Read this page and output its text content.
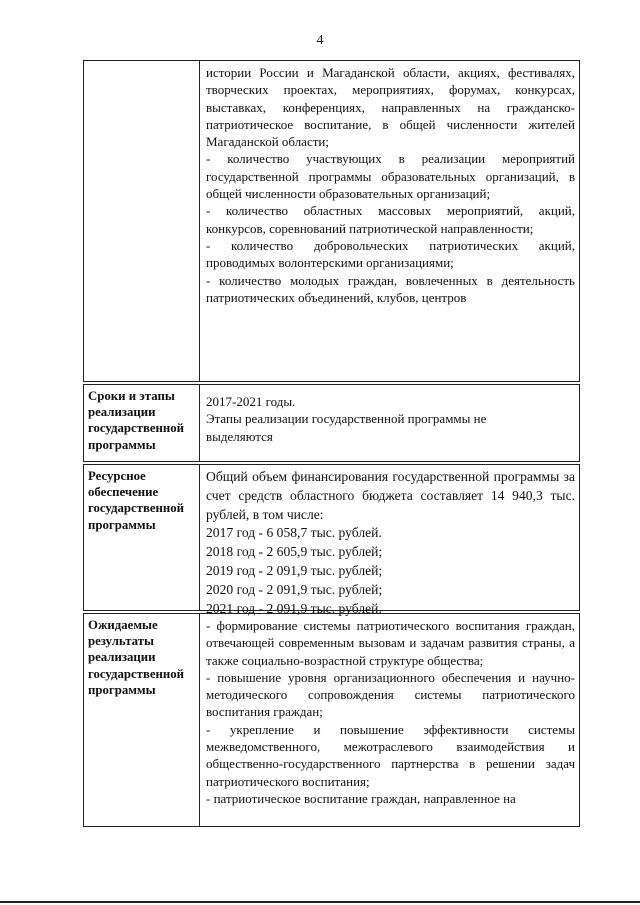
4

истории России и Магаданской области, акциях, фестивалях, творческих проектах, мероприятиях, форумах, конкурсах, выставках, конференциях, направленных на гражданско-патриотическое воспитание, в общей численности жителей Магаданской области;

- количество участвующих в реализации мероприятий государственной программы образовательных организаций, в общей численности образовательных организаций;

- количество областных массовых мероприятий, акций, конкурсов, соревнований патриотической направленности;

- количество добровольческих патриотических акций, проводимых волонтерскими организациями;

- количество молодых граждан, вовлеченных в деятельность патриотических объединений, клубов, центров

Сроки и этапы реализации государственной программы

2017-2021 годы.

Этапы реализации государственной программы не выделяются

Ресурсное обеспечение государственной программы

Общий объем финансирования государственной программы за счет средств областного бюджета составляет 14 940,3 тыс. рублей, в том числе:

2017 год - 6 058,7 тыс. рублей.

2018 год - 2 605,9 тыс. рублей;

2019 год - 2 091,9 тыс. рублей;

2020 год - 2 091,9 тыс. рублей;

2021 год - 2 091,9 тыс. рублей.

Ожидаемые результаты реализации государственной программы

- формирование системы патриотического воспитания граждан, отвечающей современным вызовам и задачам развития страны, а также социально-возрастной структуре общества;

- повышение уровня организационного обеспечения и научно-методического сопровождения системы патриотического воспитания граждан;

- укрепление и повышение эффективности системы межведомственного, межотраслевого взаимодействия и общественно-государственного партнерства в решении задач патриотического воспитания;

- патриотическое воспитание граждан, направленное на
